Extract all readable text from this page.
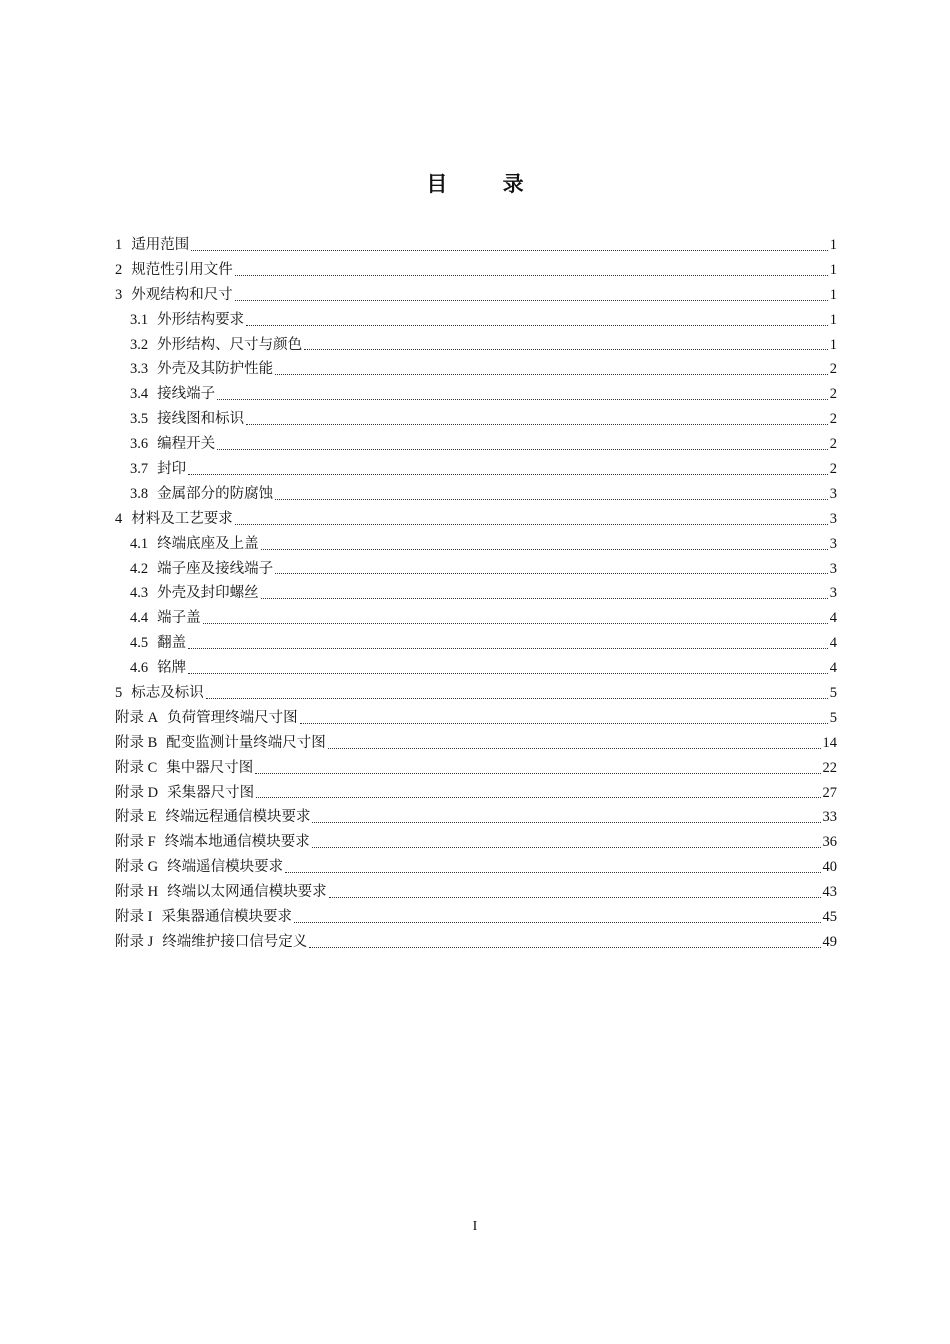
目 录
1 适用范围	1
2 规范性引用文件	1
3 外观结构和尺寸	1
3.1 外形结构要求	1
3.2 外形结构、尺寸与颜色	1
3.3 外壳及其防护性能	2
3.4 接线端子	2
3.5 接线图和标识	2
3.6 编程开关	2
3.7 封印	2
3.8 金属部分的防腐蚀	3
4 材料及工艺要求	3
4.1 终端底座及上盖	3
4.2 端子座及接线端子	3
4.3 外壳及封印螺丝	3
4.4 端子盖	4
4.5 翻盖	4
4.6 铭牌	4
5 标志及标识	5
附录 A 负荷管理终端尺寸图	5
附录 B 配变监测计量终端尺寸图	14
附录 C 集中器尺寸图	22
附录 D 采集器尺寸图	27
附录 E 终端远程通信模块要求	33
附录 F 终端本地通信模块要求	36
附录 G 终端遥信模块要求	40
附录 H 终端以太网通信模块要求	43
附录 I 采集器通信模块要求	45
附录 J 终端维护接口信号定义	49
I
